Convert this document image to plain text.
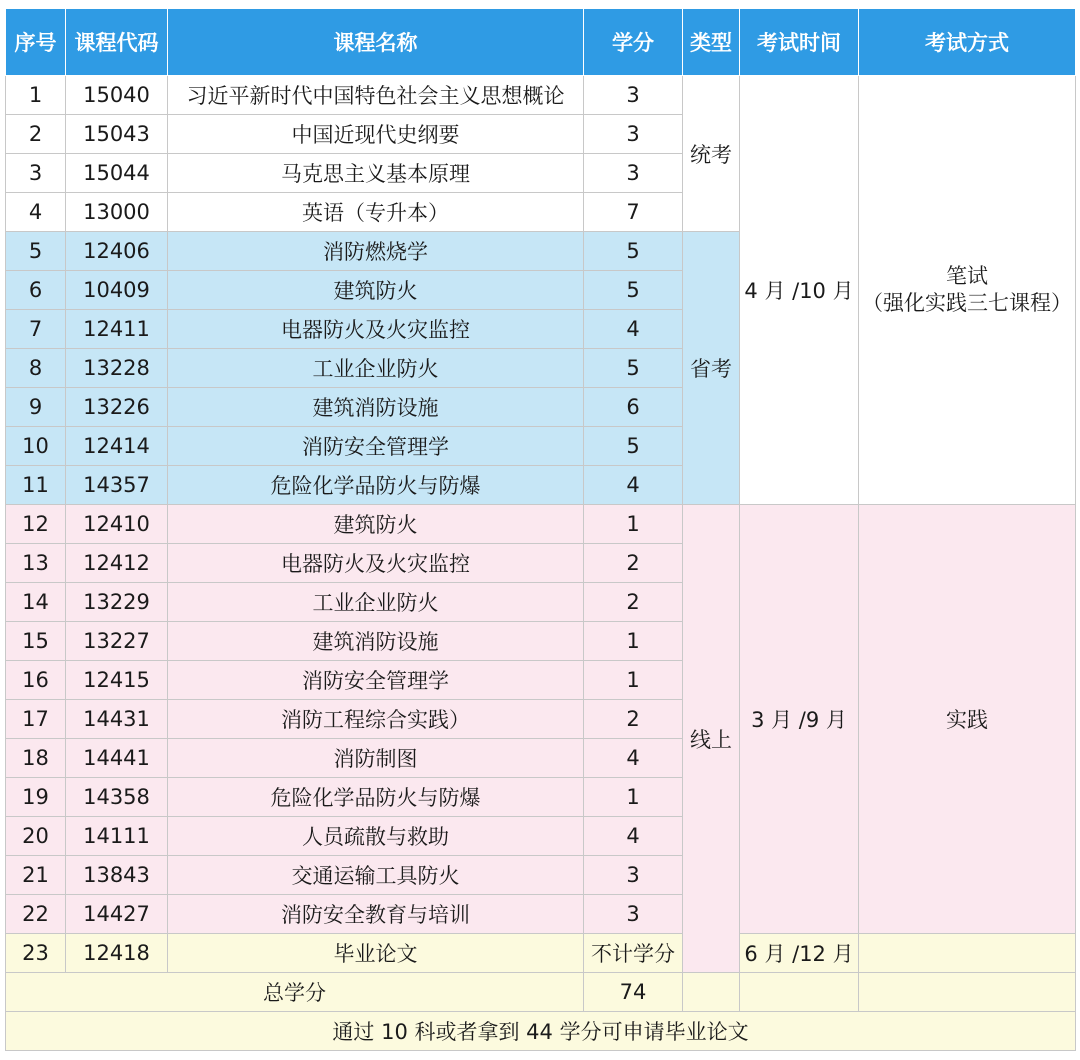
序号	课程代码	课程名称	学分	类型	考试时间	考试方式
1	15040	习近平新时代中国特色社会主义思想概论	3	统考	4 月 /10 月	笔试
（强化实践三七课程）

2	15043	中国近现代史纲要	3			
3	15044	马克思主义基本原理	3			
4	13000	英语（专升本）	7			
5	12406	消防燃烧学	5	省考		
6	10409	建筑防火	5			
7	12411	电器防火及火灾监控	4			
8	13228	工业企业防火	5			
9	13226	建筑消防设施	6			
10	12414	消防安全管理学	5			
11	14357	危险化学品防火与防爆	4			
12	12410	建筑防火	1	线上	3 月 /9 月	实践
13	12412	电器防火及火灾监控	2			
14	13229	工业企业防火	2			
15	13227	建筑消防设施	1			
16	12415	消防安全管理学	1			
17	14431	消防工程综合实践）	2			
18	14441	消防制图	4			
19	14358	危险化学品防火与防爆	1			
20	14111	人员疏散与救助	4			
21	13843	交通运输工具防火	3			
22	14427	消防安全教育与培训	3			
23	12418	毕业论文	不计学分		6 月 /12 月	
总学分			74			
通过 10 科或者拿到 44 学分可申请毕业论文						
